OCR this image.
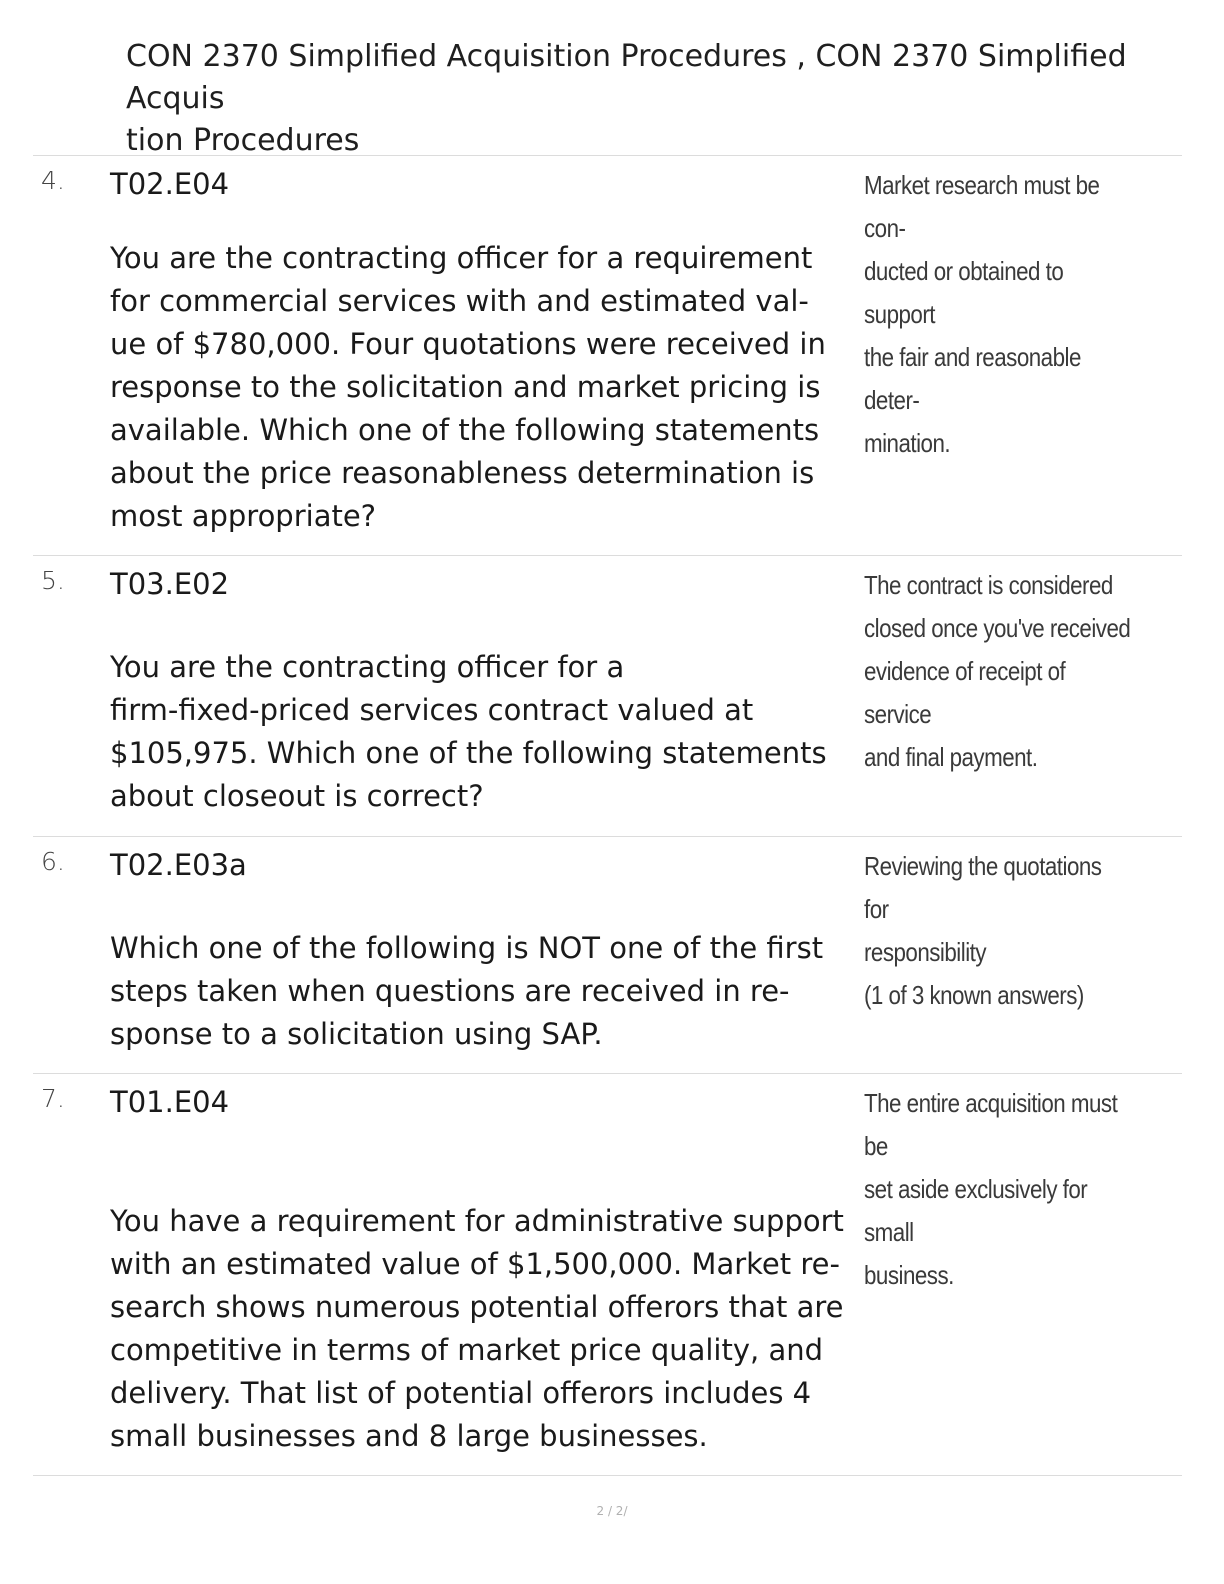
CON 2370 Simplified Acquisition Procedures , CON 2370 Simplified Acquis
tion Procedures
4. T02.E04
You are the contracting officer for a requirement
for commercial services with and estimated val-
ue of $780,000. Four quotations were received in
response to the solicitation and market pricing is
available. Which one of the following statements
about the price reasonableness determination is
most appropriate?
Market research must be con-
ducted or obtained to support
the fair and reasonable deter-
mination.
5. T03.E02
You are the contracting officer for a
firm-fixed-priced services contract valued at
$105,975. Which one of the following statements
about closeout is correct?
The contract is considered
closed once you've received
evidence of receipt of service
and final payment.
6. T02.E03a
Which one of the following is NOT one of the first
steps taken when questions are received in re-
sponse to a solicitation using SAP.
Reviewing the quotations for
responsibility
(1 of 3 known answers)
7. T01.E04
You have a requirement for administrative support
with an estimated value of $1,500,000. Market re-
search shows numerous potential offerors that are
competitive in terms of market price quality, and
delivery. That list of potential offerors includes 4
small businesses and 8 large businesses.
The entire acquisition must be
set aside exclusively for small
business.
2 / 2/
